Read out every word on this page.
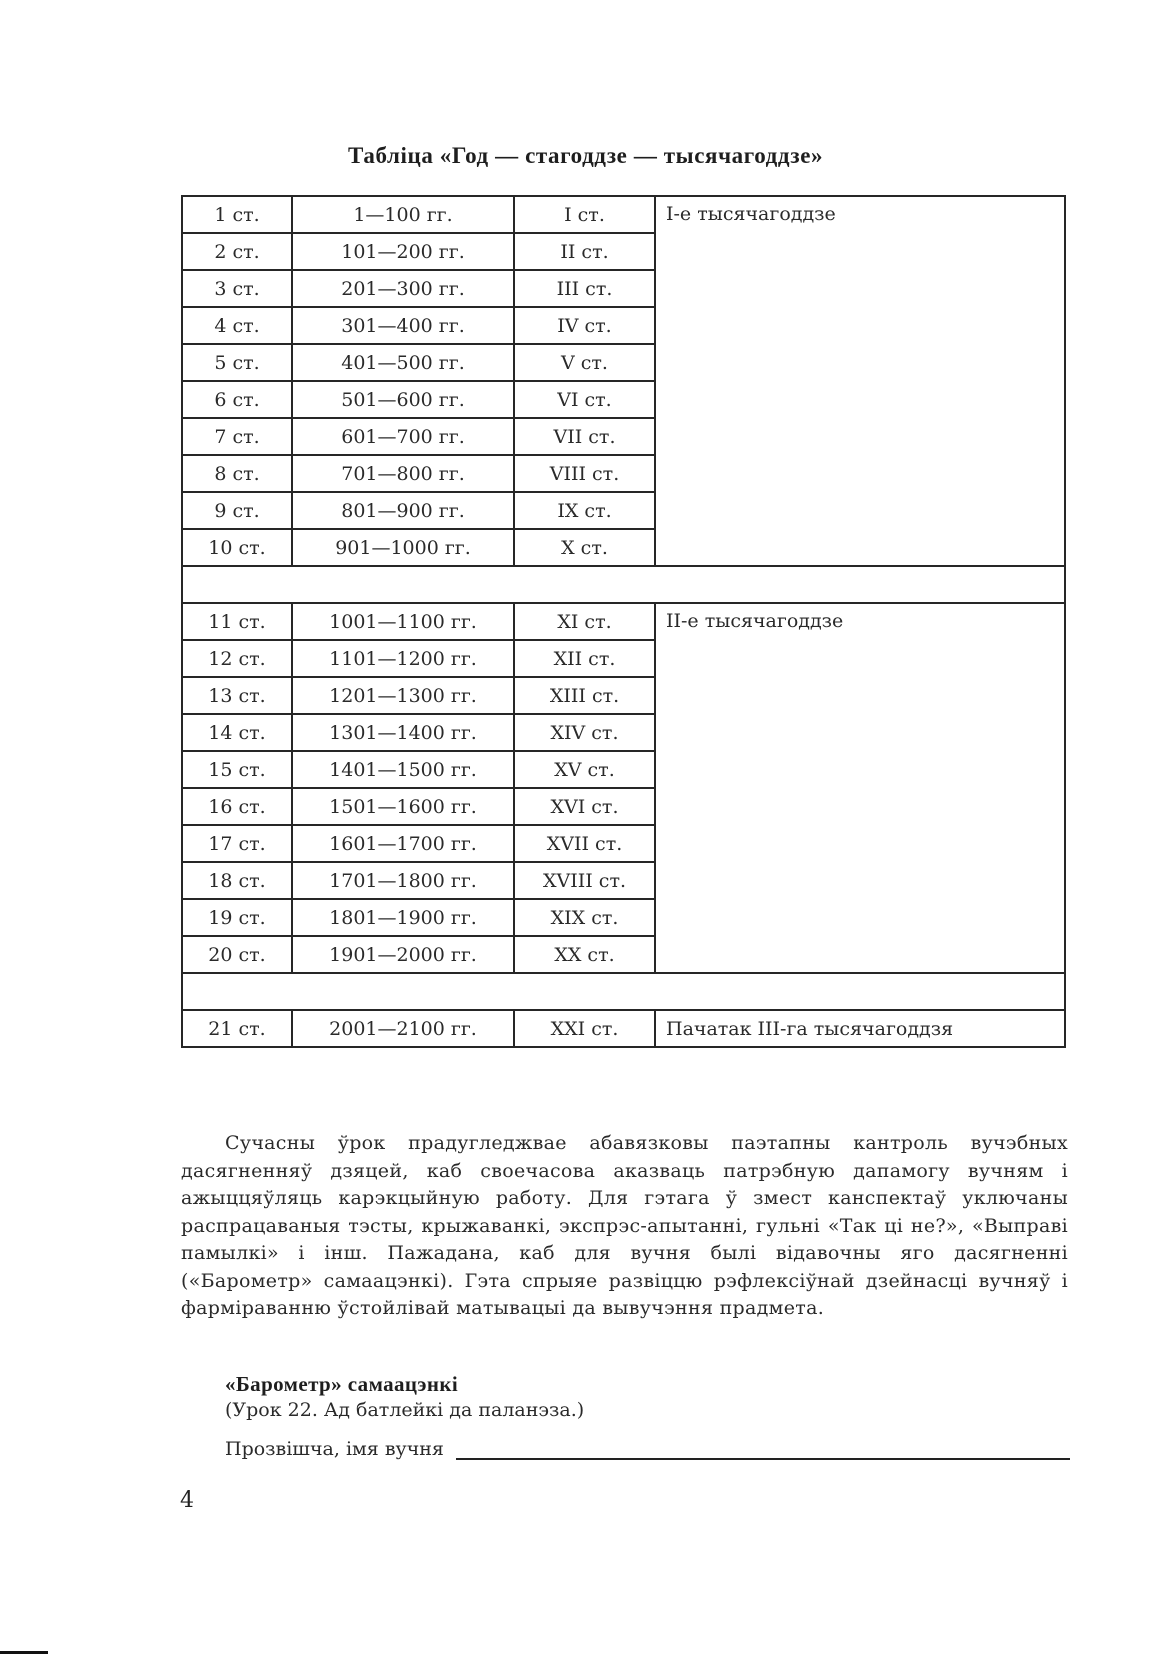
Табліца «Год — стагоддзе — тысячагоддзе»
1 ст.	1—100 гг.	I ст.	I-е тысячагоддзе
2 ст.	101—200 гг.	II ст.	
3 ст.	201—300 гг.	III ст.	
4 ст.	301—400 гг.	IV ст.	
5 ст.	401—500 гг.	V ст.	
6 ст.	501—600 гг.	VI ст.	
7 ст.	601—700 гг.	VII ст.	
8 ст.	701—800 гг.	VIII ст.	
9 ст.	801—900 гг.	IX ст.	
10 ст.	901—1000 гг.	X ст.	

11 ст.	1001—1100 гг.	XI ст.	II-е тысячагоддзе
12 ст.	1101—1200 гг.	XII ст.	
13 ст.	1201—1300 гг.	XIII ст.	
14 ст.	1301—1400 гг.	XIV ст.	
15 ст.	1401—1500 гг.	XV ст.	
16 ст.	1501—1600 гг.	XVI ст.	
17 ст.	1601—1700 гг.	XVII ст.	
18 ст.	1701—1800 гг.	XVIII ст.	
19 ст.	1801—1900 гг.	XIX ст.	
20 ст.	1901—2000 гг.	XX ст.	

21 ст.	2001—2100 гг.	XXI ст.	Пачатак III-га тысячагоддзя
Сучасны ўрок прадугледжвае абавязковы паэтапны кантроль вучэбных дасягненняў дзяцей, каб своечасова аказваць патрэбную дапамогу вучням і ажыццяўляць карэкцыйную работу. Для гэтага ў змест канспектаў уключаны распрацаваныя тэсты, крыжаванкі, экспрэс-апытанні, гульні «Так ці не?», «Выправі памылкі» і інш. Пажадана, каб для вучня былі відавочны яго дасягненні («Барометр» самаацэнкі). Гэта спрыяе развіццю рэфлексіўнай дзейнасці вучняў і фарміраванню ўстойлівай матывацыі да вывучэння прадмета.
«Барометр» самаацэнкі
(Урок 22. Ад батлейкі да паланэза.)
Прозвішча, імя вучня
4
